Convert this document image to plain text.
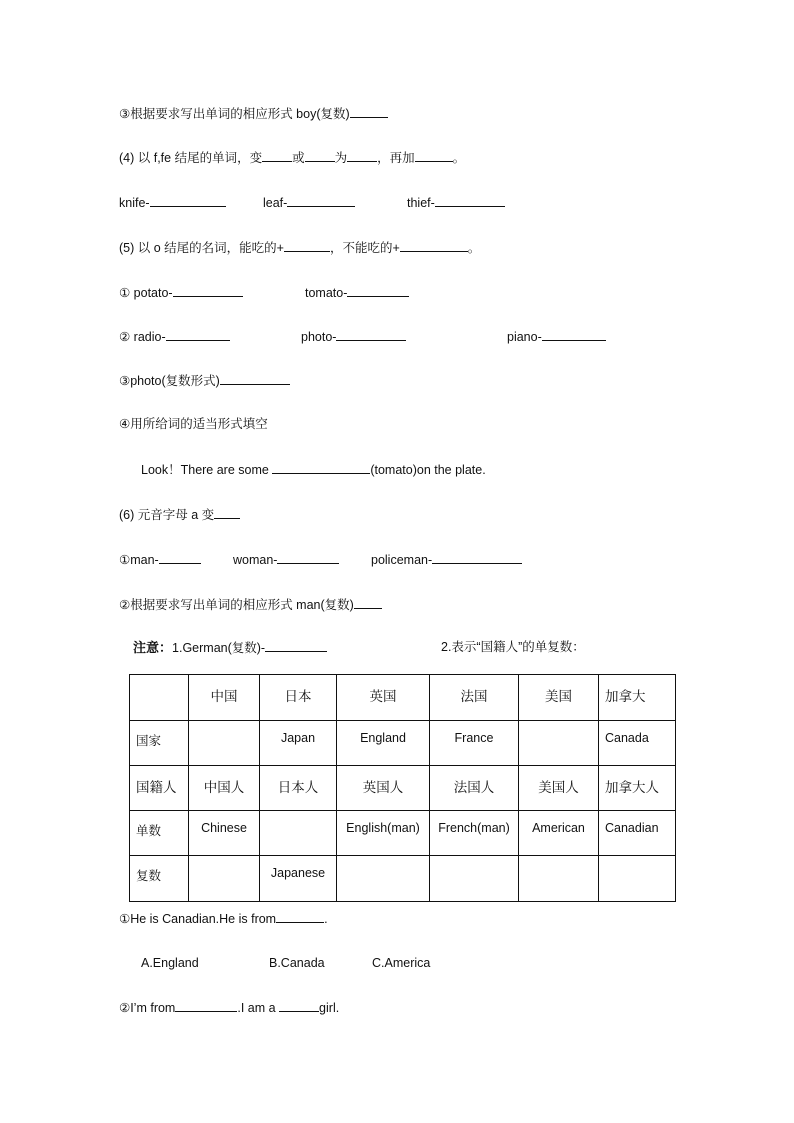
③根据要求写出单词的相应形式 boy(复数)
(4) 以 f,fe 结尾的单词，变 或 为 ，再加	。
knife-	leaf-	thief-
(5) 以 o 结尾的名词，能吃的+	，不能吃的+	。
① potato-	tomato-
② radio-	photo-	piano-
③photo(复数形式)
④用所给词的适当形式填空
Look！There are some	(tomato)on the plate.
(6) 元音字母 a 变
①man-	woman-	policeman-
②根据要求写出单词的相应形式 man(复数)
注意：1.German(复数)-	2.表示“国籍人”的单复数：
	中国	日本	英国	法国	美国	加拿大
国家		Japan	England	France		Canada
国籍人	中国人	日本人	英国人	法国人	美国人	加拿大人
单数	Chinese		English(man)	French(man)	American	Canadian
复数		Japanese				
①He is Canadian.He is from	.
A.England	B.Canada	C.America
②I’m from	.I am a	girl.
